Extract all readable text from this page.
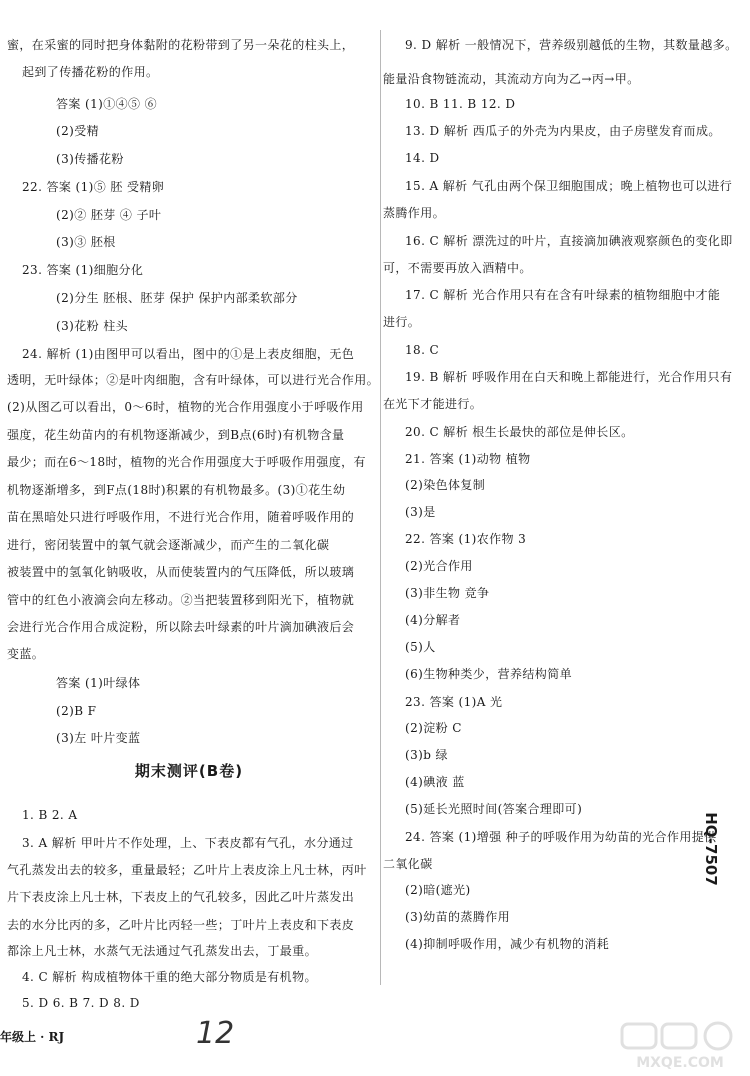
蜜，在采蜜的同时把身体黏附的花粉带到了另一朵花的柱头上，
起到了传播花粉的作用。
答案 (1)①④⑤ ⑥
(2)受精
(3)传播花粉
22. 答案 (1)⑤ 胚 受精卵
(2)② 胚芽 ④ 子叶
(3)③ 胚根
23. 答案 (1)细胞分化
(2)分生 胚根、胚芽 保护 保护内部柔软部分
(3)花粉 柱头
24. 解析 (1)由图甲可以看出，图中的①是上表皮细胞，无色
透明，无叶绿体；②是叶肉细胞，含有叶绿体，可以进行光合作用。
(2)从图乙可以看出，0～6时，植物的光合作用强度小于呼吸作用
强度，花生幼苗内的有机物逐渐减少，到B点(6时)有机物含量
最少；而在6～18时，植物的光合作用强度大于呼吸作用强度，有
机物逐渐增多，到F点(18时)积累的有机物最多。(3)①花生幼
苗在黑暗处只进行呼吸作用，不进行光合作用，随着呼吸作用的
进行，密闭装置中的氧气就会逐渐减少，而产生的二氧化碳
被装置中的氢氧化钠吸收，从而使装置内的气压降低，所以玻璃
管中的红色小液滴会向左移动。②当把装置移到阳光下，植物就
会进行光合作用合成淀粉，所以除去叶绿素的叶片滴加碘液后会
变蓝。
答案 (1)叶绿体
(2)B F
(3)左 叶片变蓝
1. B 2. A
3. A 解析 甲叶片不作处理，上、下表皮都有气孔，水分通过
气孔蒸发出去的较多，重量最轻；乙叶片上表皮涂上凡士林，丙叶
片下表皮涂上凡士林，下表皮上的气孔较多，因此乙叶片蒸发出
去的水分比丙的多，乙叶片比丙轻一些；丁叶片上表皮和下表皮
都涂上凡士林，水蒸气无法通过气孔蒸发出去，丁最重。
4. C 解析 构成植物体干重的绝大部分物质是有机物。
5. D 6. B 7. D 8. D
9. D 解析 一般情况下，营养级别越低的生物，其数量越多。
能量沿食物链流动，其流动方向为乙→丙→甲。
10. B 11. B 12. D
13. D 解析 西瓜子的外壳为内果皮，由子房壁发育而成。
14. D
15. A 解析 气孔由两个保卫细胞围成；晚上植物也可以进行
蒸腾作用。
16. C 解析 漂洗过的叶片，直接滴加碘液观察颜色的变化即
可，不需要再放入酒精中。
17. C 解析 光合作用只有在含有叶绿素的植物细胞中才能
进行。
18. C
19. B 解析 呼吸作用在白天和晚上都能进行，光合作用只有
在光下才能进行。
20. C 解析 根生长最快的部位是伸长区。
21. 答案 (1)动物 植物
(2)染色体复制
(3)是
22. 答案 (1)农作物 3
(2)光合作用
(3)非生物 竞争
(4)分解者
(5)人
(6)生物种类少，营养结构简单
23. 答案 (1)A 光
(2)淀粉 C
(3)b 绿
(4)碘液 蓝
(5)延长光照时间(答案合理即可)
24. 答案 (1)增强 种子的呼吸作用为幼苗的光合作用提供
二氧化碳
(2)暗(遮光)
(3)幼苗的蒸腾作用
(4)抑制呼吸作用，减少有机物的消耗
期末测评(B卷)
HQ-7507
年级上 · RJ	12
MXQE.COM
